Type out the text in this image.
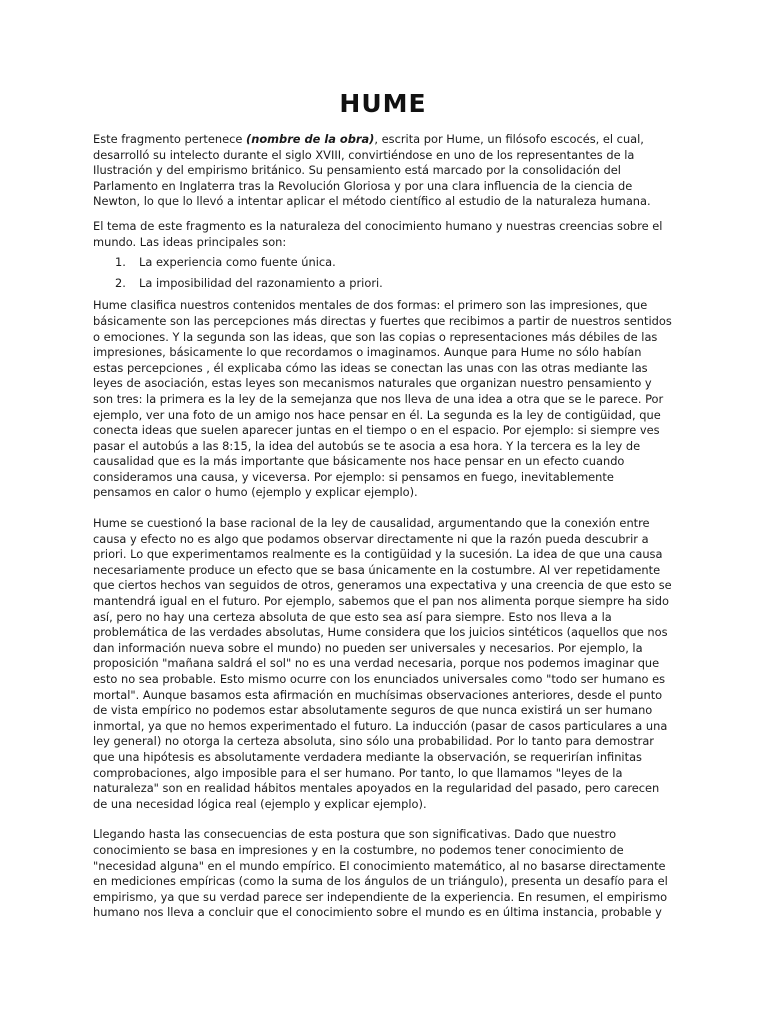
HUME

Este fragmento pertenece (nombre de la obra), escrita por Hume, un filósofo escocés, el cual, desarrolló su intelecto durante el siglo XVIII, convirtiéndose en uno de los representantes de la Ilustración y del empirismo británico. Su pensamiento está marcado por la consolidación del Parlamento en Inglaterra tras la Revolución Gloriosa y por una clara influencia de la ciencia de Newton, lo que lo llevó a intentar aplicar el método científico al estudio de la naturaleza humana.

El tema de este fragmento es la naturaleza del conocimiento humano y nuestras creencias sobre el mundo. Las ideas principales son:

1.	La experiencia como fuente única.
2.	La imposibilidad del razonamiento a priori.

Hume clasifica nuestros contenidos mentales de dos formas: el primero son las impresiones, que básicamente son las percepciones más directas y fuertes que recibimos a partir de nuestros sentidos o emociones. Y la segunda son las ideas, que son las copias o representaciones más débiles de las impresiones, básicamente lo que recordamos o imaginamos. Aunque para Hume no sólo habían estas percepciones , él explicaba cómo las ideas se conectan las unas con las otras mediante las leyes de asociación, estas leyes son mecanismos naturales que organizan nuestro pensamiento y son tres: la primera es la ley de la semejanza que nos lleva de una idea a otra que se le parece. Por ejemplo, ver una foto de un amigo nos hace pensar en él. La segunda es la ley de contigüidad, que conecta ideas que suelen aparecer juntas en el tiempo o en el espacio. Por ejemplo: si siempre ves pasar el autobús a las 8:15, la idea del autobús se te asocia a esa hora. Y la tercera es la ley de causalidad que es la más importante que básicamente nos hace pensar en un efecto cuando consideramos una causa, y viceversa. Por ejemplo: si pensamos en fuego, inevitablemente pensamos en calor o humo (ejemplo y explicar ejemplo).

Hume se cuestionó la base racional de la ley de causalidad, argumentando que la conexión entre causa y efecto no es algo que podamos observar directamente ni que la razón pueda descubrir a priori. Lo que experimentamos realmente es la contigüidad y la sucesión. La idea de que una causa necesariamente produce un efecto que se basa únicamente en la costumbre. Al ver repetidamente que ciertos hechos van seguidos de otros, generamos una expectativa y una creencia de que esto se mantendrá igual en el futuro. Por ejemplo, sabemos que el pan nos alimenta porque siempre ha sido así, pero no hay una certeza absoluta de que esto sea así para siempre. Esto nos lleva a la problemática de las verdades absolutas, Hume considera que los juicios sintéticos (aquellos que nos dan información nueva sobre el mundo) no pueden ser universales y necesarios. Por ejemplo, la proposición "mañana saldrá el sol" no es una verdad necesaria, porque nos podemos imaginar que esto no sea probable. Esto mismo ocurre con los enunciados universales como "todo ser humano es mortal". Aunque basamos esta afirmación en muchísimas observaciones anteriores, desde el punto de vista empírico no podemos estar absolutamente seguros de que nunca existirá un ser humano inmortal, ya que no hemos experimentado el futuro. La inducción (pasar de casos particulares a una ley general) no otorga la certeza absoluta, sino sólo una probabilidad. Por lo tanto para demostrar que una hipótesis es absolutamente verdadera mediante la observación, se requerirían infinitas comprobaciones, algo imposible para el ser humano. Por tanto, lo que llamamos "leyes de la naturaleza" son en realidad hábitos mentales apoyados en la regularidad del pasado, pero carecen de una necesidad lógica real (ejemplo y explicar ejemplo).

Llegando hasta las consecuencias de esta postura que son significativas. Dado que nuestro conocimiento se basa en impresiones y en la costumbre, no podemos tener conocimiento de "necesidad alguna" en el mundo empírico. El conocimiento matemático, al no basarse directamente en mediciones empíricas (como la suma de los ángulos de un triángulo), presenta un desafío para el empirismo, ya que su verdad parece ser independiente de la experiencia. En resumen, el empirismo humano nos lleva a concluir que el conocimiento sobre el mundo es en última instancia, probable y
